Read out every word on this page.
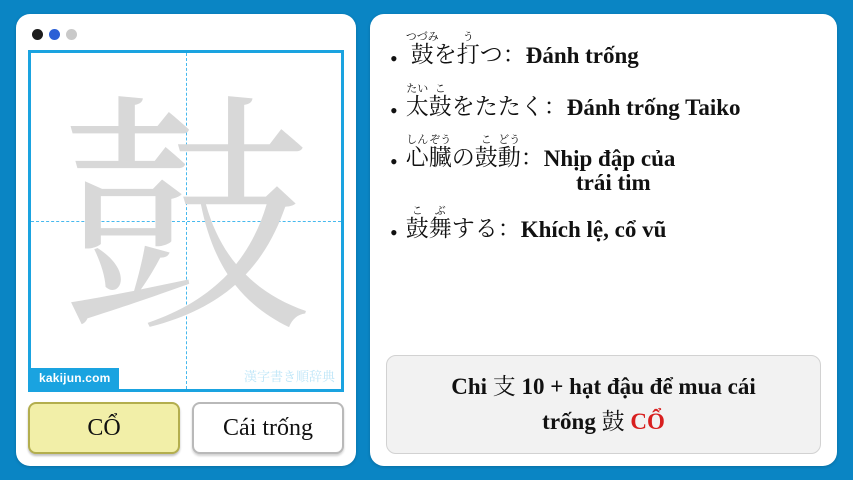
鼓
kakijun.com	漢字書き順辞典
CỔ	Cái trống
• 鼓つづみを打うつ： Đánh trống
• 太たい鼓こをたたく： Đánh trống Taiko
• 心しん臓ぞうの鼓こ動どう： Nhịp đập của
trái tim
• 鼓こ舞ぶする： Khích lệ, cổ vũ
Chi 支 10 + hạt đậu để mua cái
trống 鼓 CỔ
